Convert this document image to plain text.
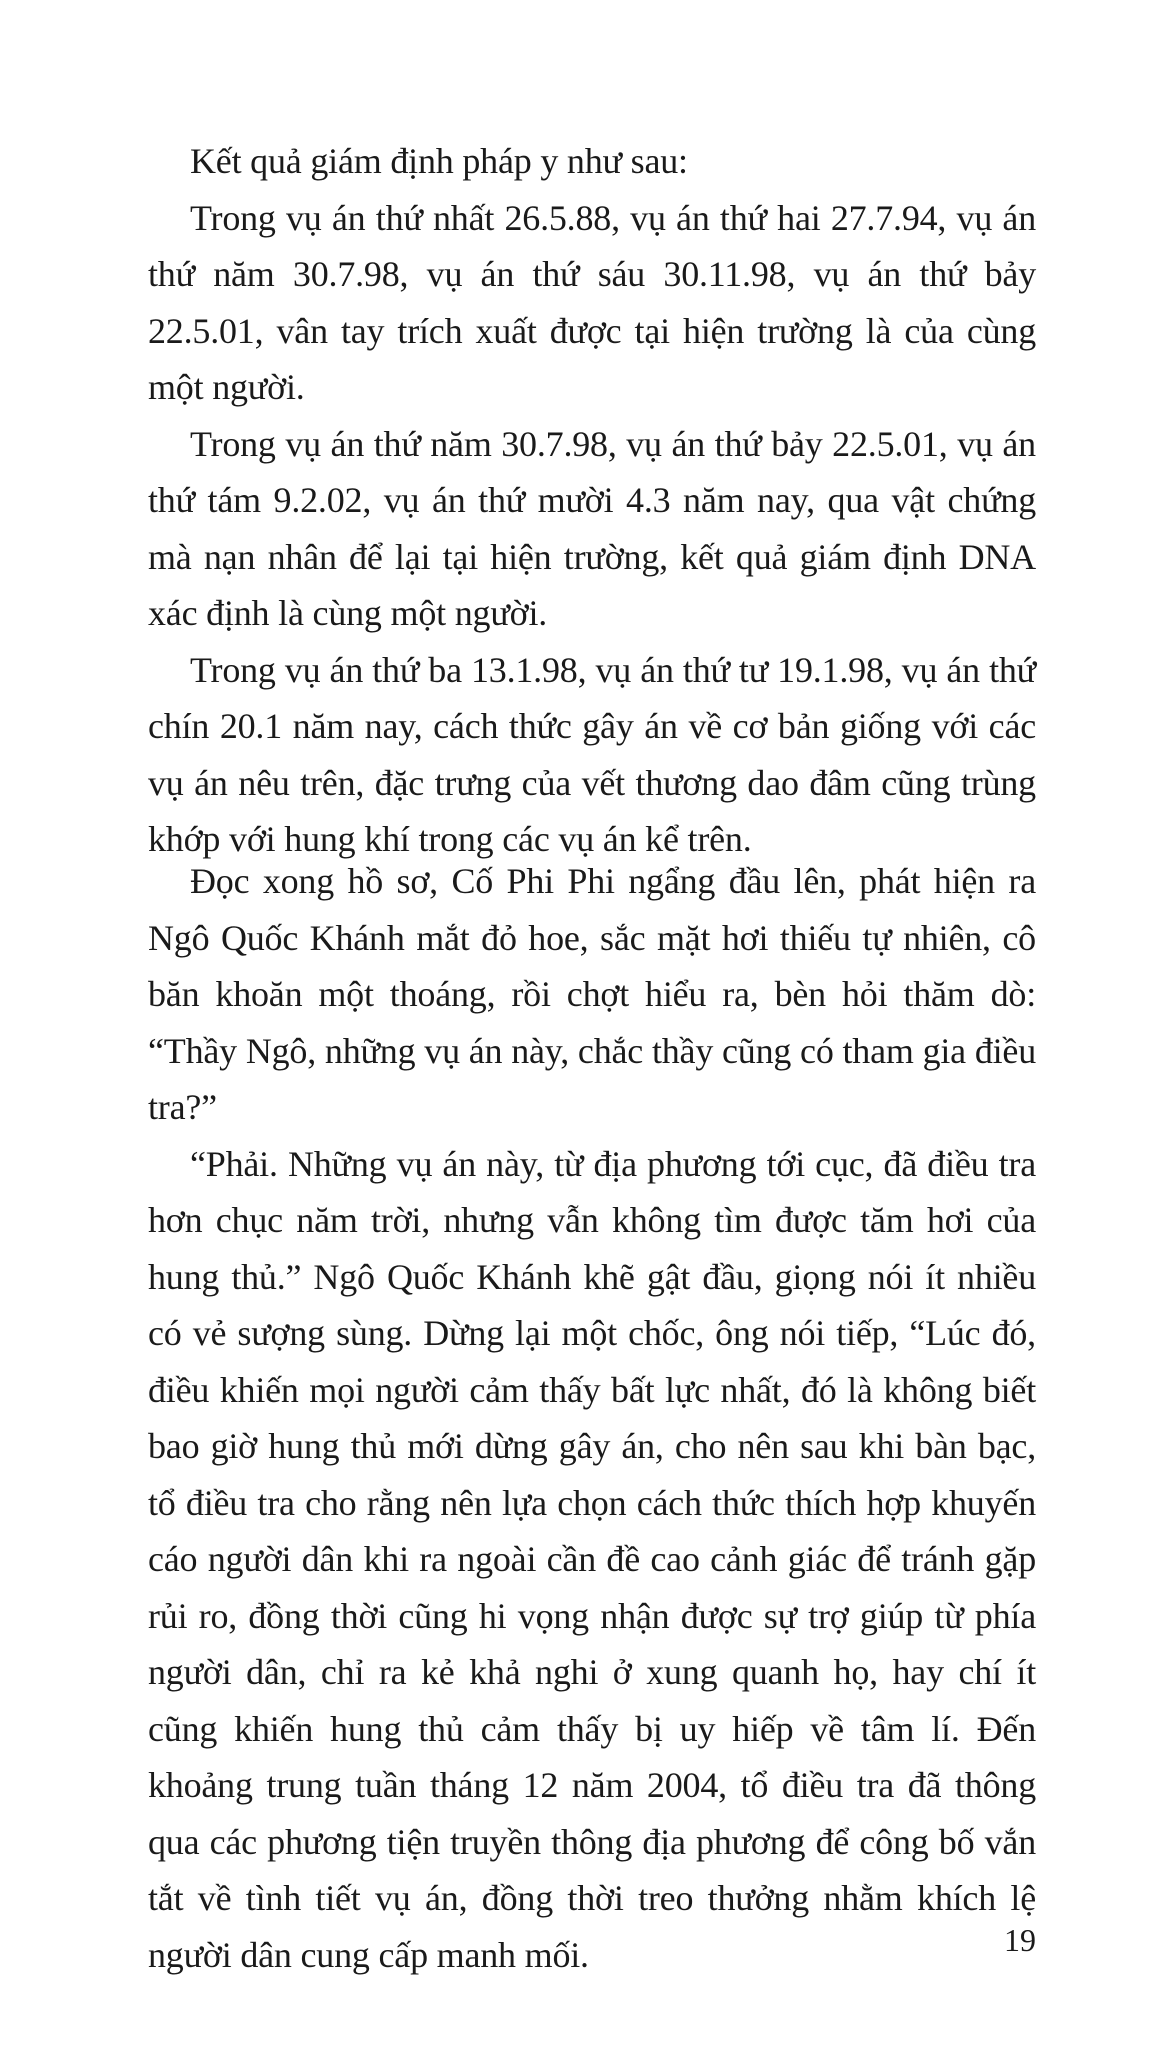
Kết quả giám định pháp y như sau:

Trong vụ án thứ nhất 26.5.88, vụ án thứ hai 27.7.94, vụ án thứ năm 30.7.98, vụ án thứ sáu 30.11.98, vụ án thứ bảy 22.5.01, vân tay trích xuất được tại hiện trường là của cùng một người.

Trong vụ án thứ năm 30.7.98, vụ án thứ bảy 22.5.01, vụ án thứ tám 9.2.02, vụ án thứ mười 4.3 năm nay, qua vật chứng mà nạn nhân để lại tại hiện trường, kết quả giám định DNA xác định là cùng một người.

Trong vụ án thứ ba 13.1.98, vụ án thứ tư 19.1.98, vụ án thứ chín 20.1 năm nay, cách thức gây án về cơ bản giống với các vụ án nêu trên, đặc trưng của vết thương dao đâm cũng trùng khớp với hung khí trong các vụ án kể trên.

Đọc xong hồ sơ, Cố Phi Phi ngẩng đầu lên, phát hiện ra Ngô Quốc Khánh mắt đỏ hoe, sắc mặt hơi thiếu tự nhiên, cô băn khoăn một thoáng, rồi chợt hiểu ra, bèn hỏi thăm dò: “Thầy Ngô, những vụ án này, chắc thầy cũng có tham gia điều tra?”

“Phải. Những vụ án này, từ địa phương tới cục, đã điều tra hơn chục năm trời, nhưng vẫn không tìm được tăm hơi của hung thủ.” Ngô Quốc Khánh khẽ gật đầu, giọng nói ít nhiều có vẻ sượng sùng. Dừng lại một chốc, ông nói tiếp, “Lúc đó, điều khiến mọi người cảm thấy bất lực nhất, đó là không biết bao giờ hung thủ mới dừng gây án, cho nên sau khi bàn bạc, tổ điều tra cho rằng nên lựa chọn cách thức thích hợp khuyến cáo người dân khi ra ngoài cần đề cao cảnh giác để tránh gặp rủi ro, đồng thời cũng hi vọng nhận được sự trợ giúp từ phía người dân, chỉ ra kẻ khả nghi ở xung quanh họ, hay chí ít cũng khiến hung thủ cảm thấy bị uy hiếp về tâm lí. Đến khoảng trung tuần tháng 12 năm 2004, tổ điều tra đã thông qua các phương tiện truyền thông địa phương để công bố vắn tắt về tình tiết vụ án, đồng thời treo thưởng nhằm khích lệ người dân cung cấp manh mối.	19
